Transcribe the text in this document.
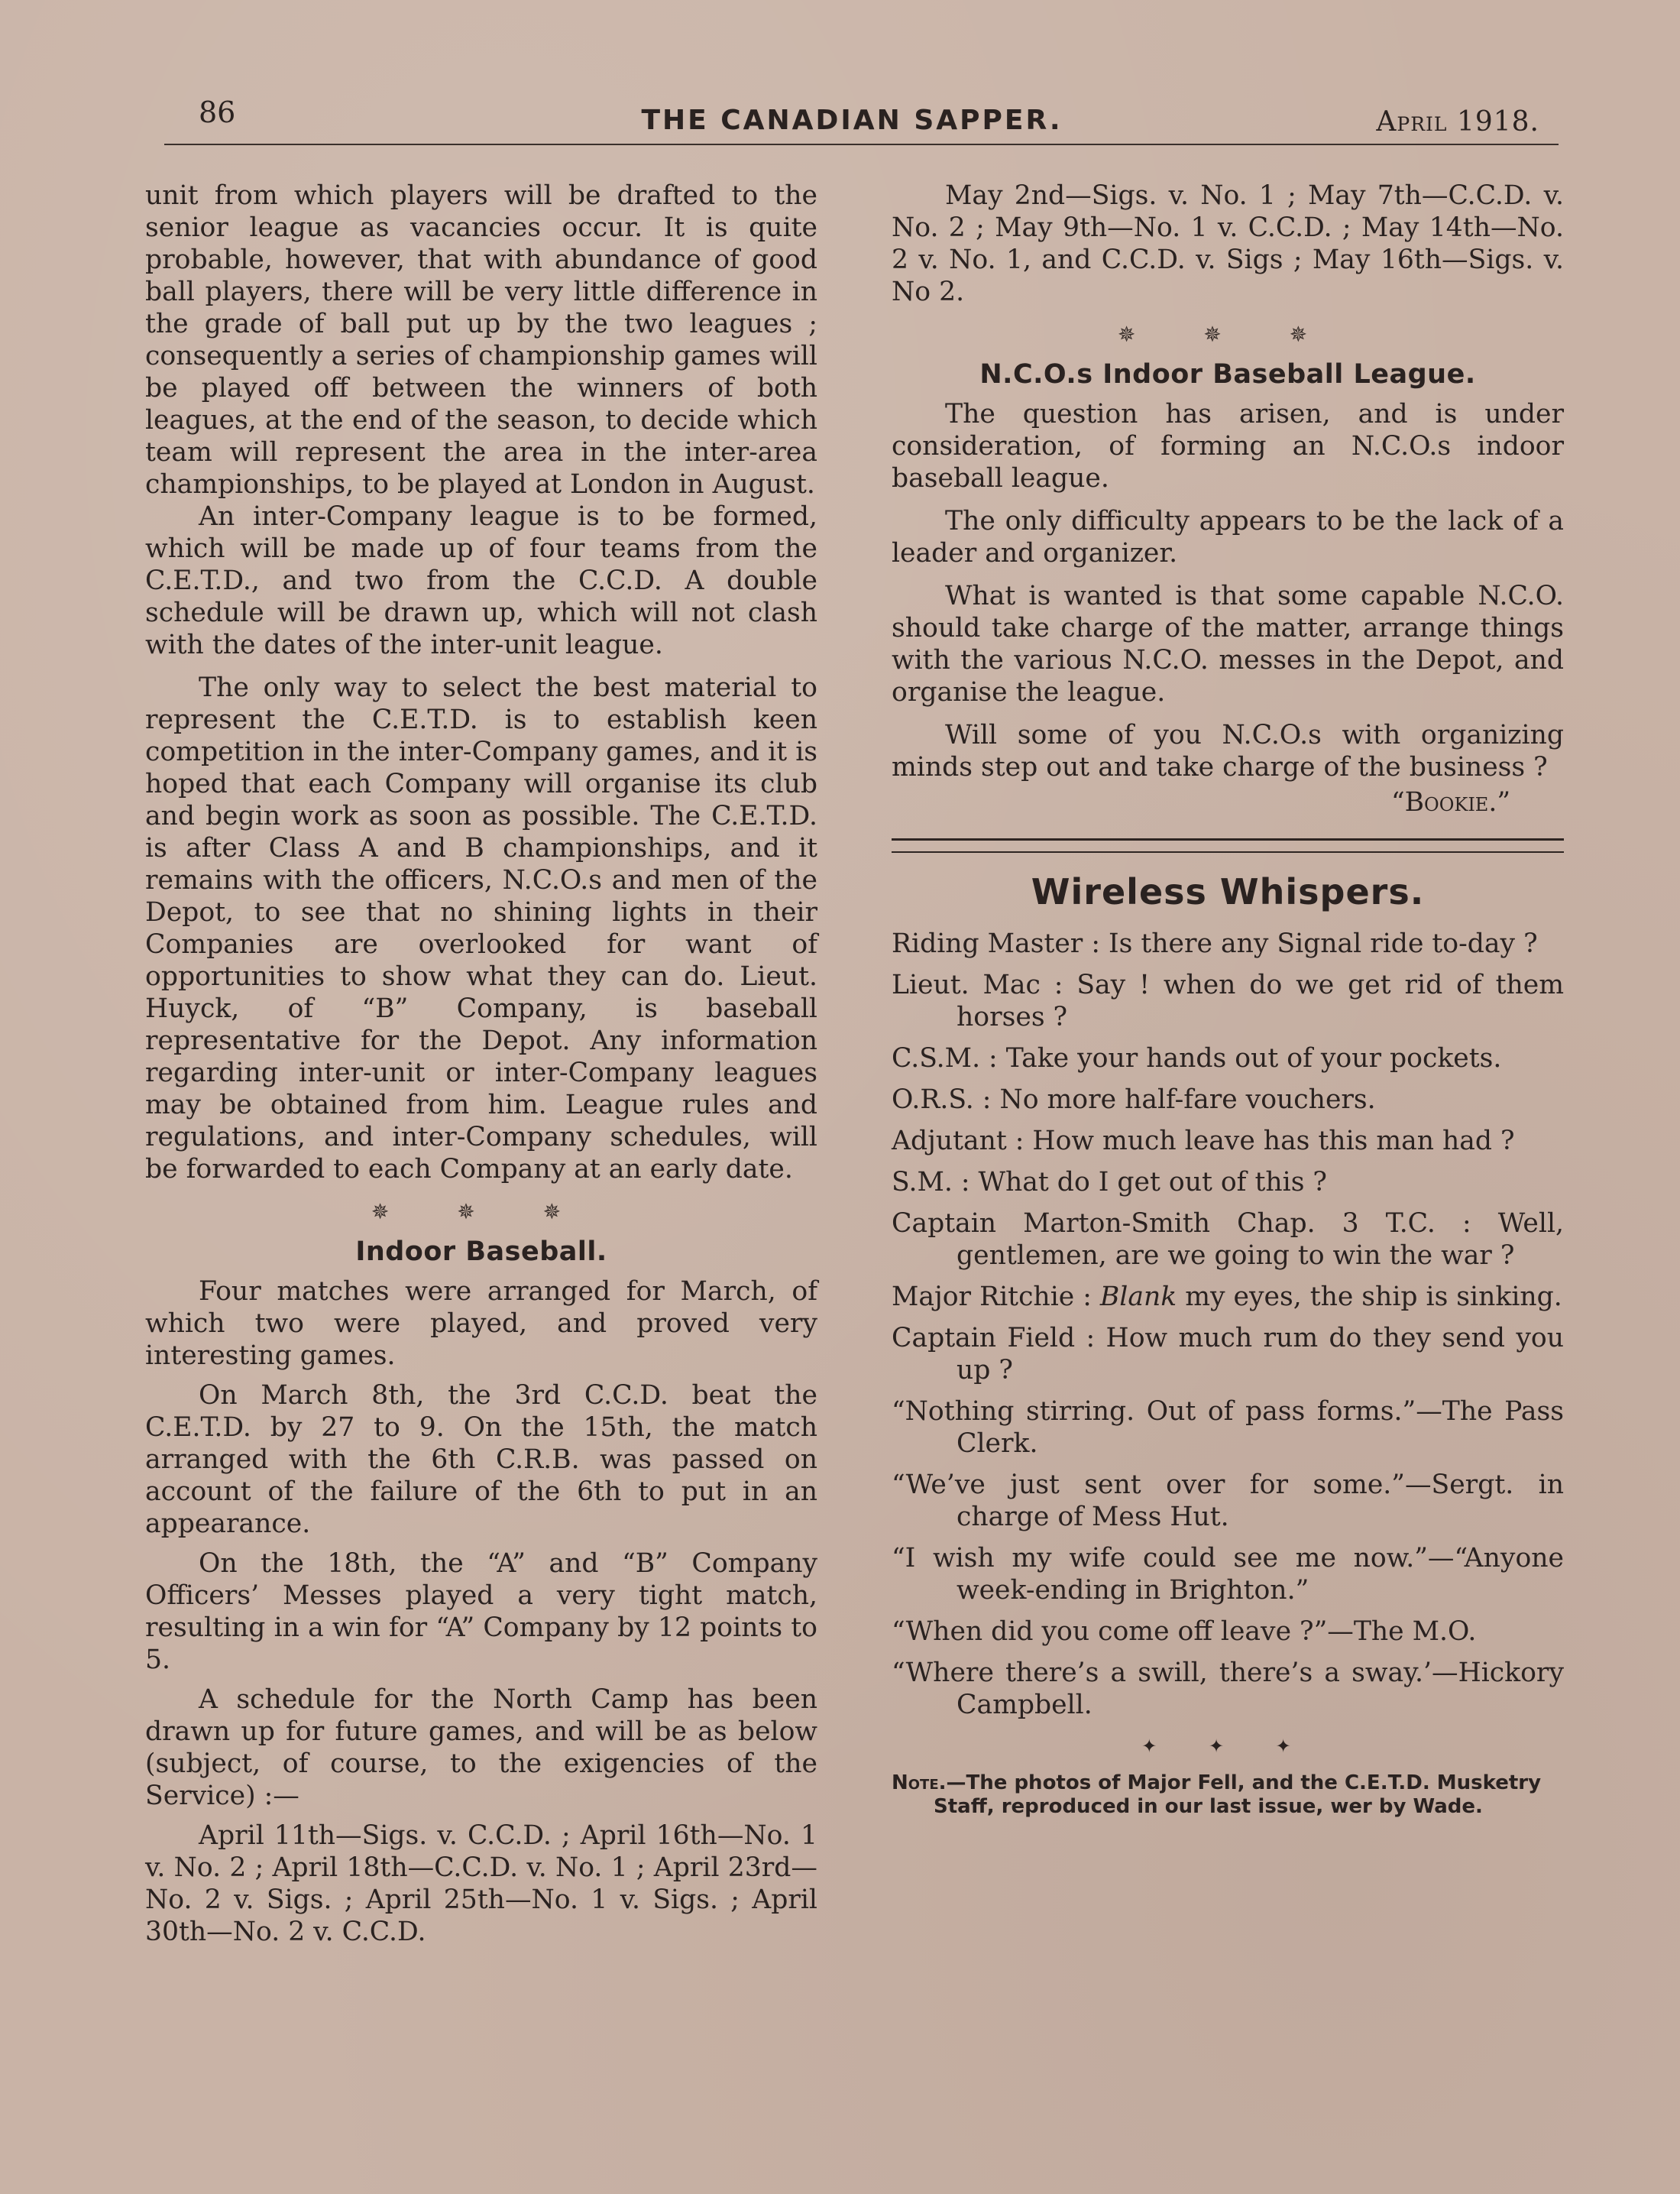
86	THE CANADIAN SAPPER.	April 1918.

unit from which players will be drafted to the senior league as vacancies occur. It is quite probable, however, that with abundance of good ball players, there will be very little difference in the grade of ball put up by the two leagues ; consequently a series of championship games will be played off between the winners of both leagues, at the end of the season, to decide which team will represent the area in the inter-area championships, to be played at London in August.

An inter-Company league is to be formed, which will be made up of four teams from the C.E.T.D., and two from the C.C.D. A double schedule will be drawn up, which will not clash with the dates of the inter-unit league.

The only way to select the best material to represent the C.E.T.D. is to establish keen competition in the inter-Company games, and it is hoped that each Company will organise its club and begin work as soon as possible. The C.E.T.D. is after Class A and B championships, and it remains with the officers, N.C.O.s and men of the Depot, to see that no shining lights in their Companies are overlooked for want of opportunities to show what they can do. Lieut. Huyck, of “B” Company, is baseball representative for the Depot. Any information regarding inter-unit or inter-Company leagues may be obtained from him. League rules and regulations, and inter-Company schedules, will be forwarded to each Company at an early date.

✵ ✵ ✵
Indoor Baseball.

Four matches were arranged for March, of which two were played, and proved very interesting games.

On March 8th, the 3rd C.C.D. beat the C.E.T.D. by 27 to 9. On the 15th, the match arranged with the 6th C.R.B. was passed on account of the failure of the 6th to put in an appearance.

On the 18th, the “A” and “B” Company Officers’ Messes played a very tight match, resulting in a win for “A” Company by 12 points to 5.

A schedule for the North Camp has been drawn up for future games, and will be as below (subject, of course, to the exigencies of the Service) :—

April 11th—Sigs. v. C.C.D. ; April 16th—No. 1 v. No. 2 ; April 18th—C.C.D. v. No. 1 ; April 23rd—No. 2 v. Sigs. ; April 25th—No. 1 v. Sigs. ; April 30th—No. 2 v. C.C.D.

May 2nd—Sigs. v. No. 1 ; May 7th—C.C.D. v. No. 2 ; May 9th—No. 1 v. C.C.D. ; May 14th—No. 2 v. No. 1, and C.C.D. v. Sigs ; May 16th—Sigs. v. No 2.

✵ ✵ ✵
N.C.O.s Indoor Baseball League.

The question has arisen, and is under consideration, of forming an N.C.O.s indoor baseball league.

The only difficulty appears to be the lack of a leader and organizer.

What is wanted is that some capable N.C.O. should take charge of the matter, arrange things with the various N.C.O. messes in the Depot, and organise the league.

Will some of you N.C.O.s with organizing minds step out and take charge of the business ?

“Bookie.”
Wireless Whispers.
Riding Master : Is there any Signal ride to-day ?
Lieut. Mac : Say ! when do we get rid of them horses ?
C.S.M. : Take your hands out of your pockets.
O.R.S. : No more half-fare vouchers.
Adjutant : How much leave has this man had ?
S.M. : What do I get out of this ?
Captain Marton-Smith Chap. 3 T.C. : Well, gentlemen, are we going to win the war ?
Major Ritchie : Blank my eyes, the ship is sinking.
Captain Field : How much rum do they send you up ?
“Nothing stirring. Out of pass forms.”—The Pass Clerk.
“We’ve just sent over for some.”—Sergt. in charge of Mess Hut.
“I wish my wife could see me now.”—“Anyone week-ending in Brighton.”
“When did you come off leave ?”—The M.O.
“Where there’s a swill, there’s a sway.’—Hickory Campbell.
✦ ✦ ✦
Note.—The photos of Major Fell, and the C.E.T.D. Musketry Staff, reproduced in our last issue, wer by Wade.
